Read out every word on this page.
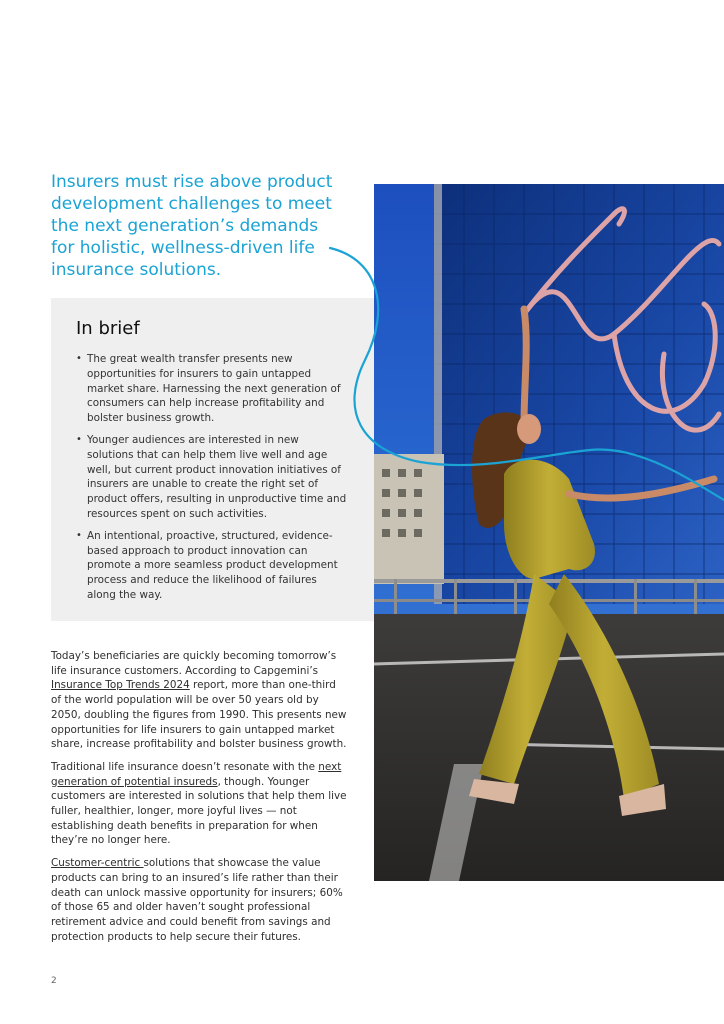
Insurers must rise above product development challenges to meet the next generation’s demands for holistic, wellness-driven life insurance solutions.
In brief
• The great wealth transfer presents new opportunities for insurers to gain untapped market share. Harnessing the next generation of consumers can help increase profitability and bolster business growth.
• Younger audiences are interested in new solutions that can help them live well and age well, but current product innovation initiatives of insurers are unable to create the right set of product offers, resulting in unproductive time and resources spent on such activities.
• An intentional, proactive, structured, evidence-based approach to product innovation can promote a more seamless product development process and reduce the likelihood of failures along the way.

Today’s beneficiaries are quickly becoming tomorrow’s life insurance customers. According to Capgemini’s Insurance Top Trends 2024 report, more than one-third of the world population will be over 50 years old by 2050, doubling the figures from 1990. This presents new opportunities for life insurers to gain untapped market share, increase profitability and bolster business growth.

Traditional life insurance doesn’t resonate with the next generation of potential insureds, though. Younger customers are interested in solutions that help them live fuller, healthier, longer, more joyful lives — not establishing death benefits in preparation for when they’re no longer here.

Customer-centric solutions that showcase the value products can bring to an insured’s life rather than their death can unlock massive opportunity for insurers; 60% of those 65 and older haven’t sought professional retirement advice and could benefit from savings and protection products to help secure their futures.

2
